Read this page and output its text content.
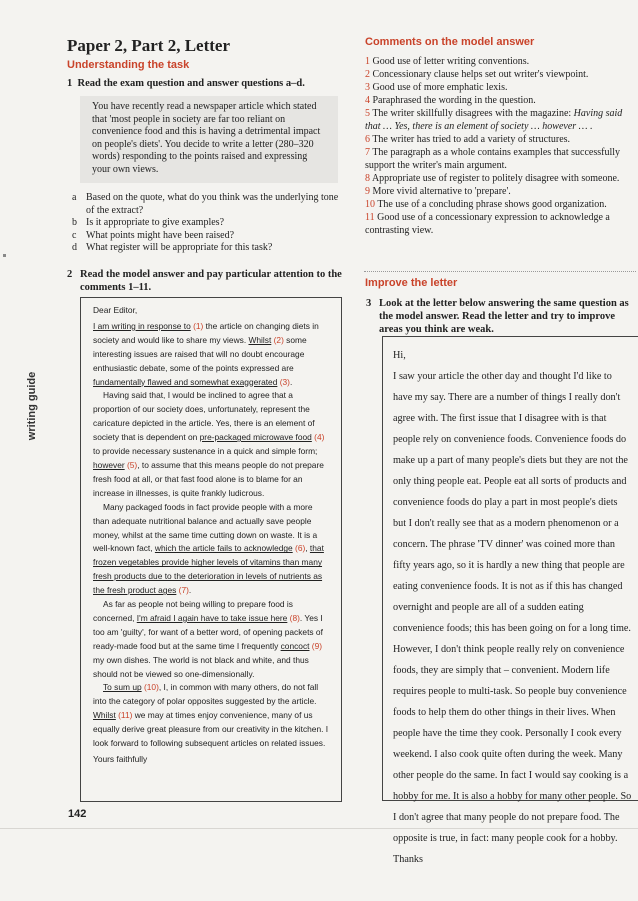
Paper 2, Part 2, Letter
Understanding the task
1 Read the exam question and answer questions a–d.
You have recently read a newspaper article which stated that 'most people in society are far too reliant on convenience food and this is having a detrimental impact on people's diets'. You decide to write a letter (280–320 words) responding to the points raised and expressing your own views.
a Based on the quote, what do you think was the underlying tone of the extract?
b Is it appropriate to give examples?
c What points might have been raised?
d What register will be appropriate for this task?
2 Read the model answer and pay particular attention to the comments 1–11.

Dear Editor,

I am writing in response to (1) the article on changing diets in society and would like to share my views. Whilst (2) some interesting issues are raised that will no doubt encourage enthusiastic debate, some of the points expressed are fundamentally flawed and somewhat exaggerated (3).

Having said that, I would be inclined to agree that a proportion of our society does, unfortunately, represent the caricature depicted in the article. Yes, there is an element of society that is dependent on pre-packaged microwave food (4) to provide necessary sustenance in a quick and simple form; however (5), to assume that this means people do not prepare fresh food at all, or that fast food alone is to blame for an increase in illnesses, is quite frankly ludicrous.

Many packaged foods in fact provide people with a more than adequate nutritional balance and actually save people money, whilst at the same time cutting down on waste. It is a well-known fact, which the article fails to acknowledge (6), that frozen vegetables provide higher levels of vitamins than many fresh products due to the deterioration in levels of nutrients as the fresh product ages (7).

As far as people not being willing to prepare food is concerned, I'm afraid I again have to take issue here (8). Yes I too am 'guilty', for want of a better word, of opening packets of ready-made food but at the same time I frequently concoct (9) my own dishes. The world is not black and white, and thus should not be viewed so one-dimensionally.

To sum up (10), I, in common with many others, do not fall into the category of polar opposites suggested by the article. Whilst (11) we may at times enjoy convenience, many of us equally derive great pleasure from our creativity in the kitchen. I look forward to following subsequent articles on related issues.

Yours faithfully

writing guide
142
Comments on the model answer

1 Good use of letter writing conventions.

2 Concessionary clause helps set out writer's viewpoint.

3 Good use of more emphatic lexis.

4 Paraphrased the wording in the question.

5 The writer skillfully disagrees with the magazine: Having said that … Yes, there is an element of society … however … .

6 The writer has tried to add a variety of structures.

7 The paragraph as a whole contains examples that successfully support the writer's main argument.

8 Appropriate use of register to politely disagree with someone.

9 More vivid alternative to 'prepare'.

10 The use of a concluding phrase shows good organization.

11 Good use of a concessionary expression to acknowledge a contrasting view.

Improve the letter
3 Look at the letter below answering the same question as the model answer. Read the letter and try to improve areas you think are weak.

Hi,

I saw your article the other day and thought I'd like to have my say. There are a number of things I really don't agree with. The first issue that I disagree with is that people rely on convenience foods. Convenience foods do make up a part of many people's diets but they are not the only thing people eat. People eat all sorts of products and convenience foods do play a part in most people's diets but I don't really see that as a modern phenomenon or a concern. The phrase 'TV dinner' was coined more than fifty years ago, so it is hardly a new thing that people are eating convenience foods. It is not as if this has changed overnight and people are all of a sudden eating convenience foods; this has been going on for a long time. However, I don't think people really rely on convenience foods, they are simply that – convenient. Modern life requires people to multi-task. So people buy convenience foods to help them do other things in their lives. When people have the time they cook. Personally I cook every weekend. I also cook quite often during the week. Many other people do the same. In fact I would say cooking is a hobby for me. It is also a hobby for many other people. So I don't agree that many people do not prepare food. The opposite is true, in fact: many people cook for a hobby.

Thanks
